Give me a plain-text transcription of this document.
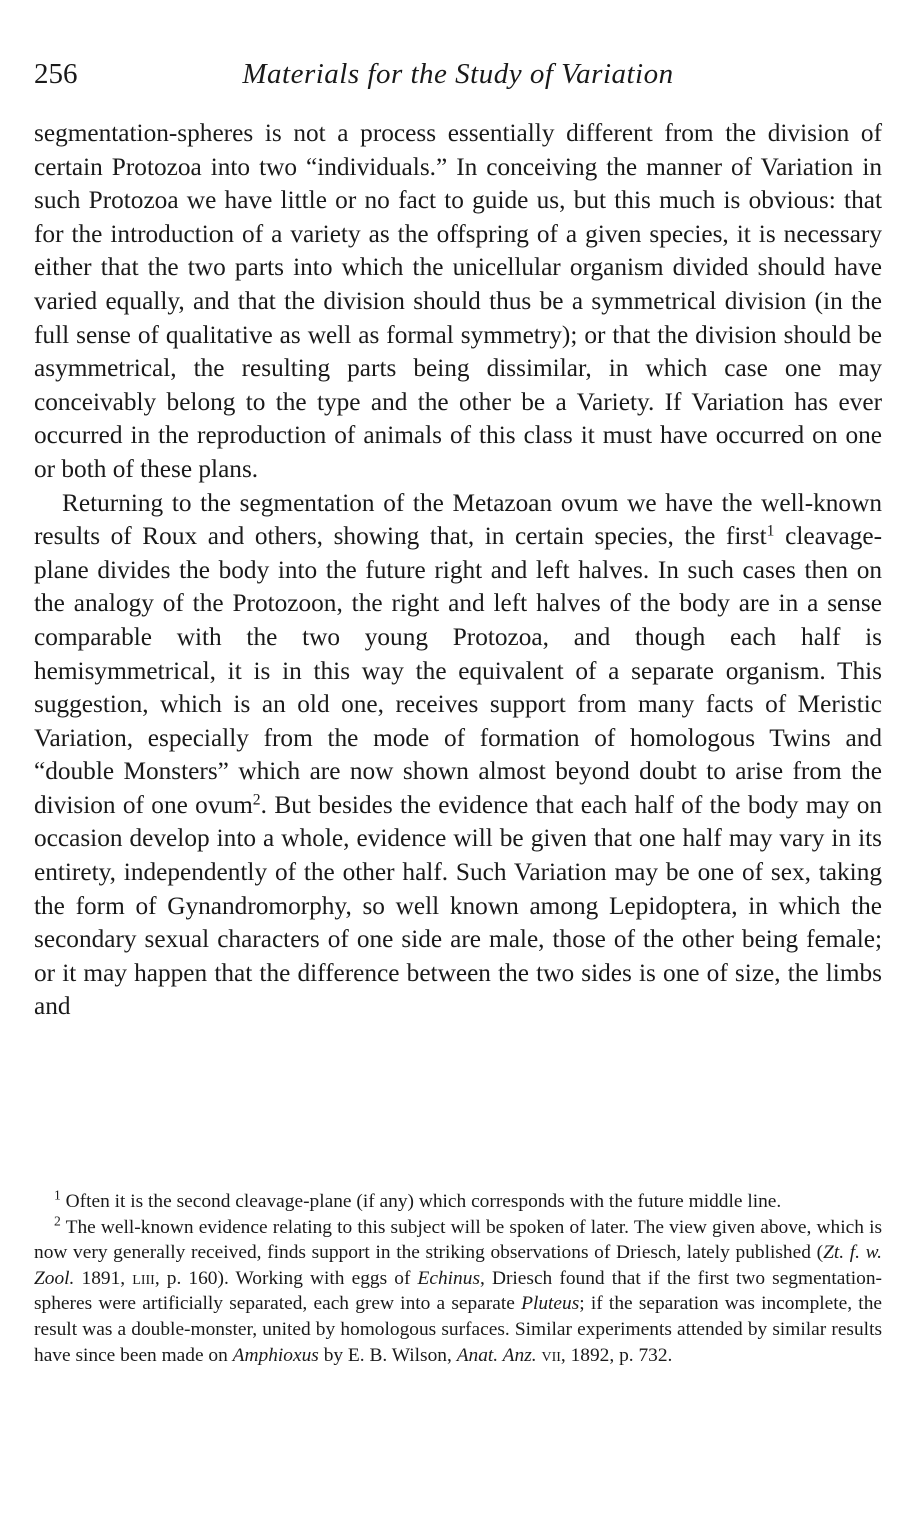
256	Materials for the Study of Variation

segmentation-spheres is not a process essentially different from the division of certain Protozoa into two “individuals.” In conceiving the manner of Variation in such Protozoa we have little or no fact to guide us, but this much is obvious: that for the introduction of a variety as the offspring of a given species, it is necessary either that the two parts into which the unicellular organism divided should have varied equally, and that the division should thus be a symmetrical division (in the full sense of qualitative as well as formal symmetry); or that the division should be asymmetrical, the resulting parts being dissimilar, in which case one may conceivably belong to the type and the other be a Variety. If Variation has ever occurred in the reproduction of animals of this class it must have occurred on one or both of these plans.

Returning to the segmentation of the Metazoan ovum we have the well-known results of Roux and others, showing that, in certain species, the first$^1$ cleavage-plane divides the body into the future right and left halves. In such cases then on the analogy of the Protozoon, the right and left halves of the body are in a sense comparable with the two young Protozoa, and though each half is hemisymmetrical, it is in this way the equivalent of a separate organism. This suggestion, which is an old one, receives support from many facts of Meristic Variation, especially from the mode of formation of homologous Twins and “double Monsters” which are now shown almost beyond doubt to arise from the division of one ovum$^2$. But besides the evidence that each half of the body may on occasion develop into a whole, evidence will be given that one half may vary in its entirety, independently of the other half. Such Variation may be one of sex, taking the form of Gynandromorphy, so well known among Lepidoptera, in which the secondary sexual characters of one side are male, those of the other being female; or it may happen that the difference between the two sides is one of size, the limbs and

$^1$ Often it is the second cleavage-plane (if any) which corresponds with the future middle line.

$^2$ The well-known evidence relating to this subject will be spoken of later. The view given above, which is now very generally received, finds support in the striking observations of Driesch, lately published (Zt. f. w. Zool. 1891, liii, p. 160). Working with eggs of Echinus, Driesch found that if the first two segmentation-spheres were artificially separated, each grew into a separate Pluteus; if the separation was incomplete, the result was a double-monster, united by homologous surfaces. Similar experiments attended by similar results have since been made on Amphioxus by E. B. Wilson, Anat. Anz. vii, 1892, p. 732.
